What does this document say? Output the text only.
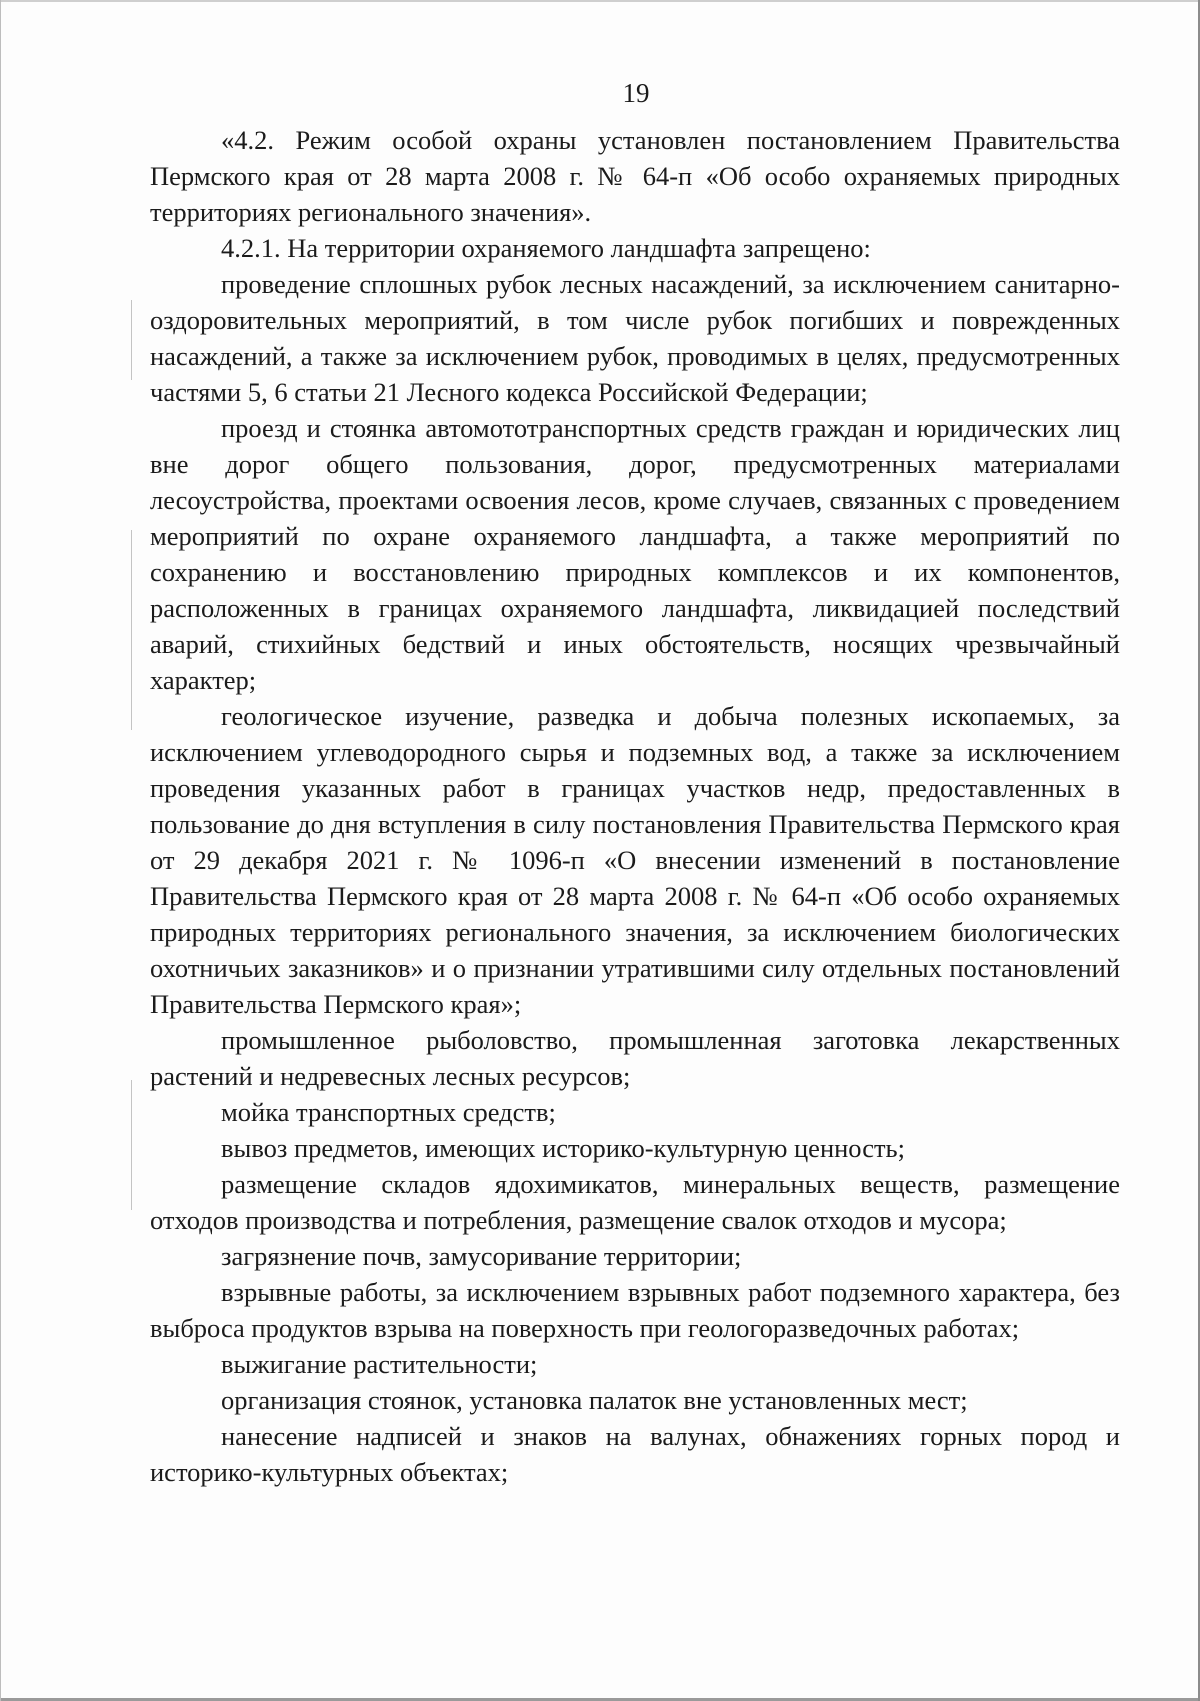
19

«4.2. Режим особой охраны установлен постановлением Правительства Пермского края от 28 марта 2008 г. № 64-п «Об особо охраняемых природных территориях регионального значения».

4.2.1. На территории охраняемого ландшафта запрещено:

проведение сплошных рубок лесных насаждений, за исключением санитарно-оздоровительных мероприятий, в том числе рубок погибших и поврежденных насаждений, а также за исключением рубок, проводимых в целях, предусмотренных частями 5, 6 статьи 21 Лесного кодекса Российской Федерации;

проезд и стоянка автомототранспортных средств граждан и юридических лиц вне дорог общего пользования, дорог, предусмотренных материалами лесоустройства, проектами освоения лесов, кроме случаев, связанных с проведением мероприятий по охране охраняемого ландшафта, а также мероприятий по сохранению и восстановлению природных комплексов и их компонентов, расположенных в границах охраняемого ландшафта, ликвидацией последствий аварий, стихийных бедствий и иных обстоятельств, носящих чрезвычайный характер;

геологическое изучение, разведка и добыча полезных ископаемых, за исключением углеводородного сырья и подземных вод, а также за исключением проведения указанных работ в границах участков недр, предоставленных в пользование до дня вступления в силу постановления Правительства Пермского края от 29 декабря 2021 г. № 1096-п «О внесении изменений в постановление Правительства Пермского края от 28 марта 2008 г. № 64-п «Об особо охраняемых природных территориях регионального значения, за исключением биологических охотничьих заказников» и о признании утратившими силу отдельных постановлений Правительства Пермского края»;

промышленное рыболовство, промышленная заготовка лекарственных растений и недревесных лесных ресурсов;

мойка транспортных средств;

вывоз предметов, имеющих историко-культурную ценность;

размещение складов ядохимикатов, минеральных веществ, размещение отходов производства и потребления, размещение свалок отходов и мусора;

загрязнение почв, замусоривание территории;

взрывные работы, за исключением взрывных работ подземного характера, без выброса продуктов взрыва на поверхность при геологоразведочных работах;

выжигание растительности;

организация стоянок, установка палаток вне установленных мест;

нанесение надписей и знаков на валунах, обнажениях горных пород и историко-культурных объектах;
